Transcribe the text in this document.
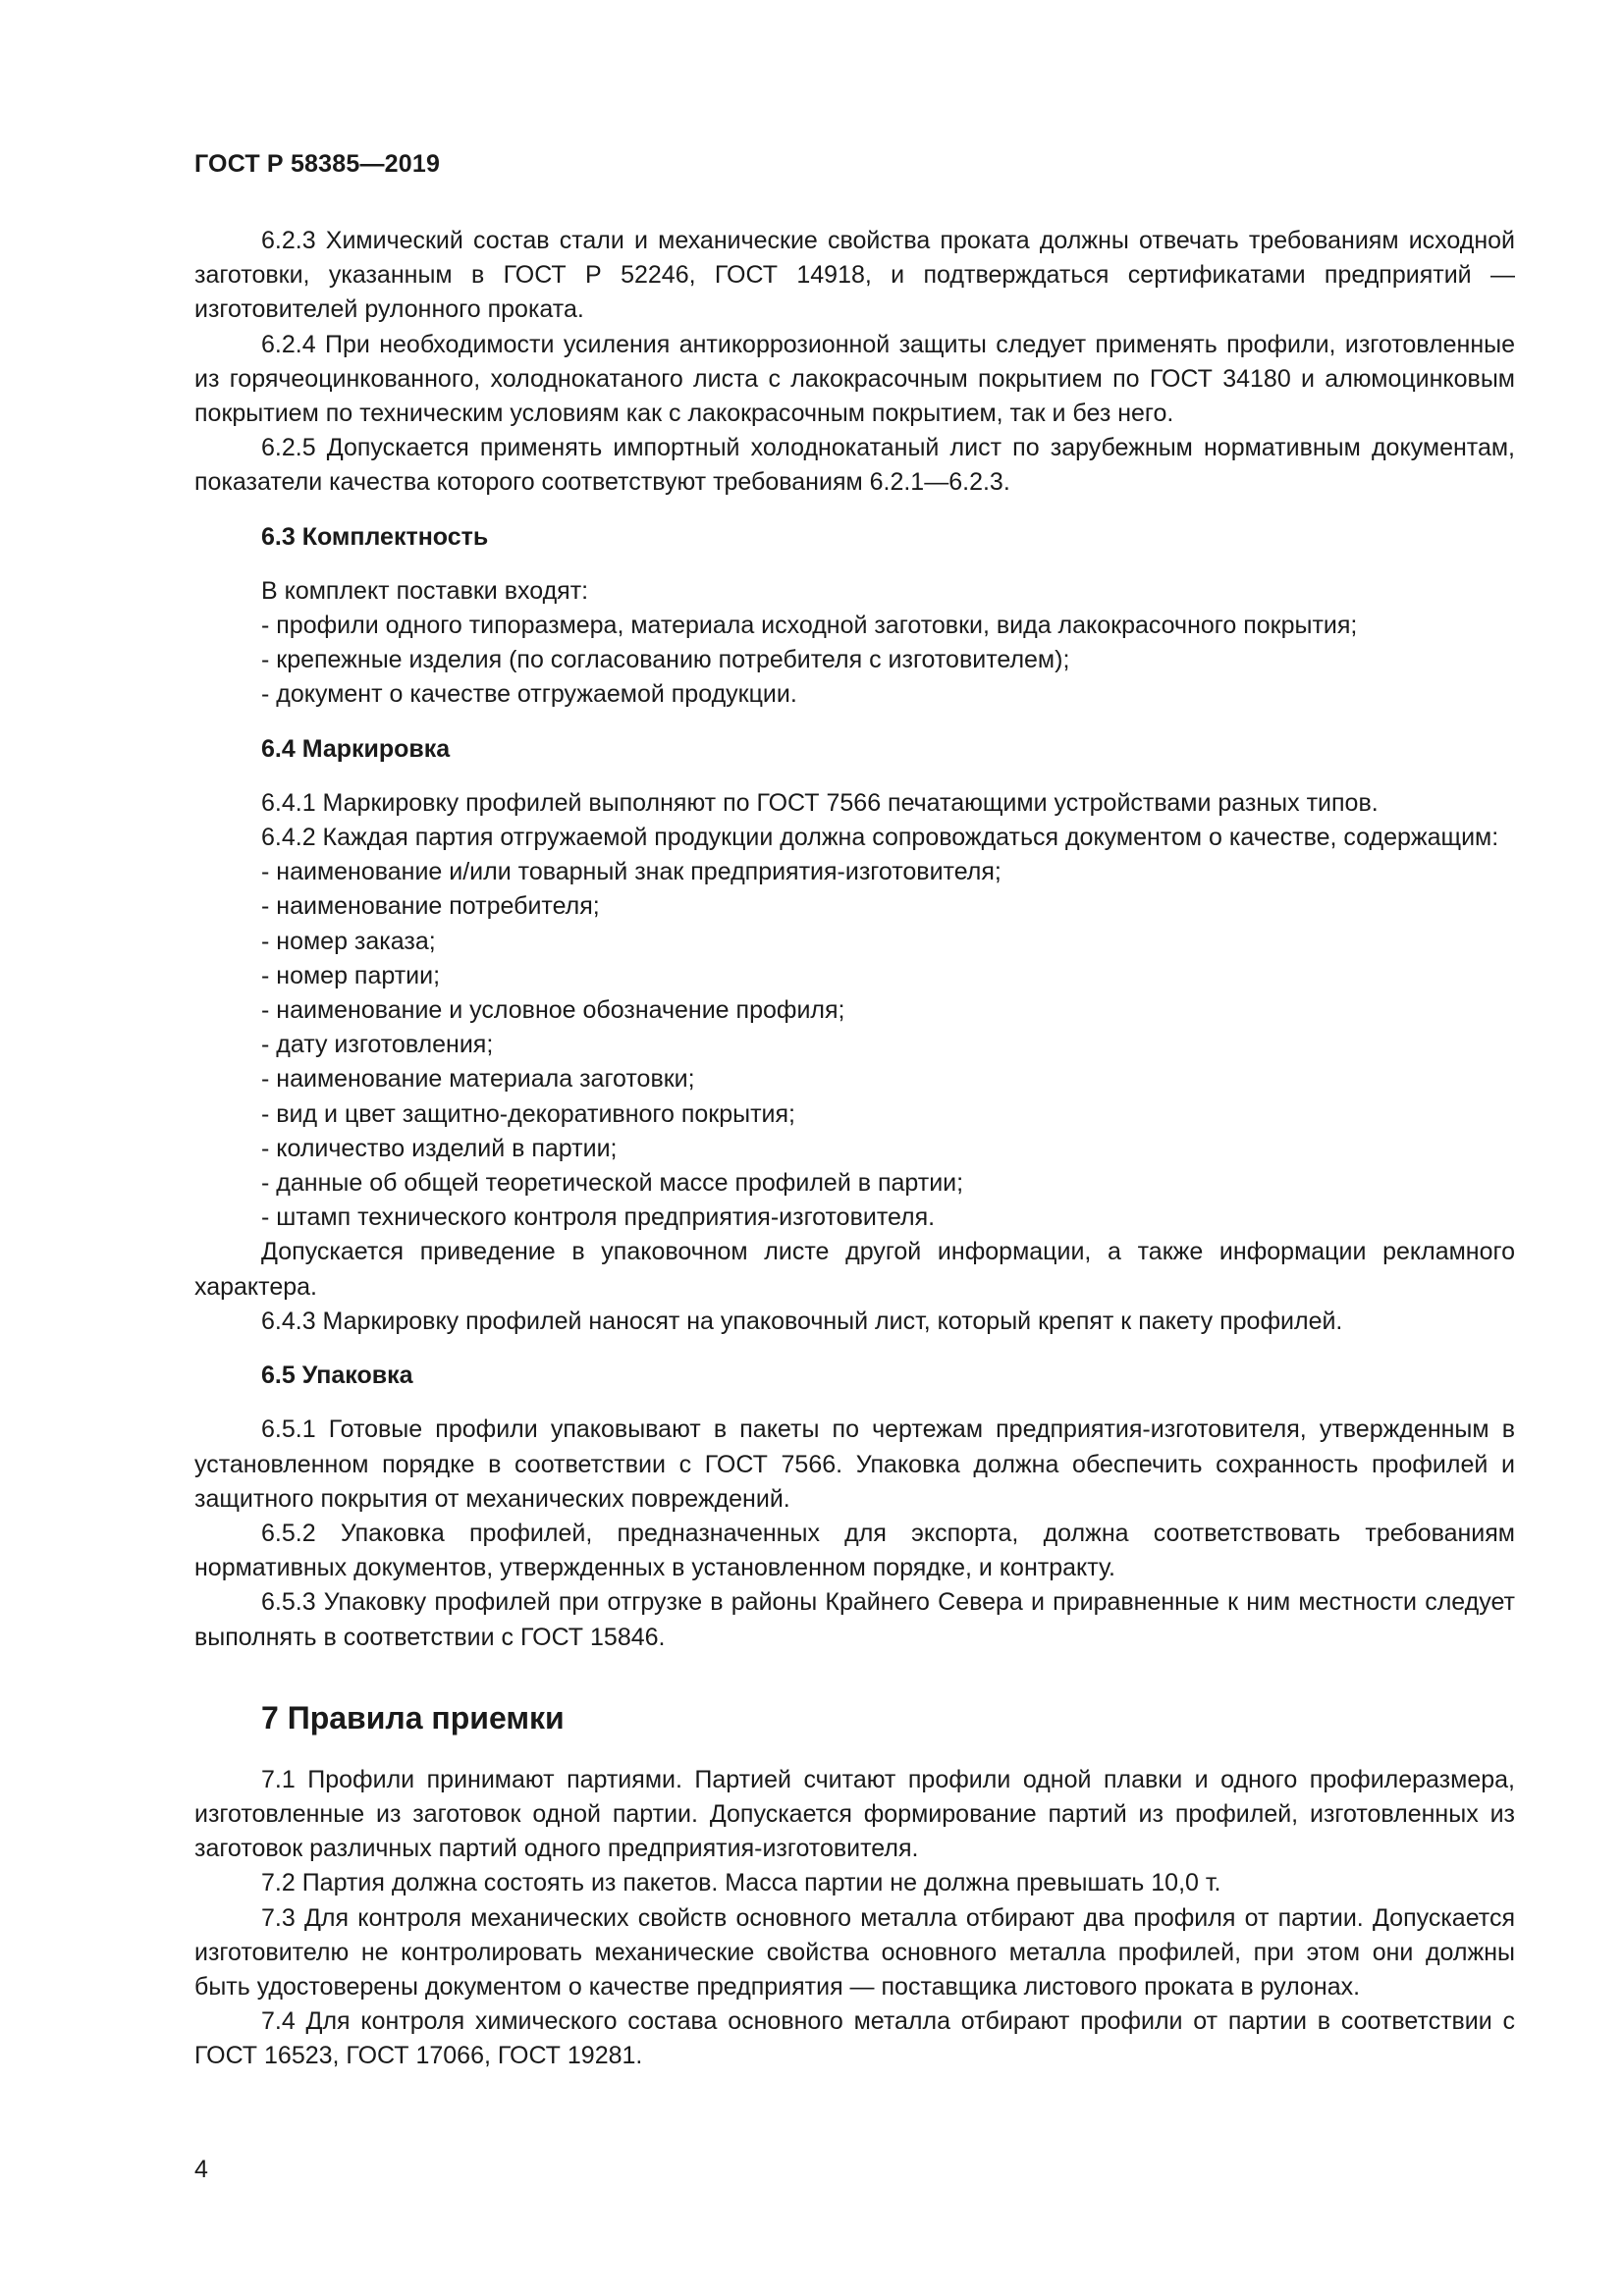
ГОСТ Р 58385—2019

6.2.3 Химический состав стали и механические свойства проката должны отвечать требованиям исходной заготовки, указанным в ГОСТ Р 52246, ГОСТ 14918, и подтверждаться сертификатами предприятий — изготовителей рулонного проката.

6.2.4 При необходимости усиления антикоррозионной защиты следует применять профили, изготовленные из горячеоцинкованного, холоднокатаного листа с лакокрасочным покрытием по ГОСТ 34180 и алюмоцинковым покрытием по техническим условиям как с лакокрасочным покрытием, так и без него.

6.2.5 Допускается применять импортный холоднокатаный лист по зарубежным нормативным документам, показатели качества которого соответствуют требованиям 6.2.1—6.2.3.

6.3 Комплектность

В комплект поставки входят:

- профили одного типоразмера, материала исходной заготовки, вида лакокрасочного покрытия;

- крепежные изделия (по согласованию потребителя с изготовителем);

- документ о качестве отгружаемой продукции.

6.4 Маркировка

6.4.1 Маркировку профилей выполняют по ГОСТ 7566 печатающими устройствами разных типов.

6.4.2 Каждая партия отгружаемой продукции должна сопровождаться документом о качестве, содержащим:

- наименование и/или товарный знак предприятия-изготовителя;

- наименование потребителя;

- номер заказа;

- номер партии;

- наименование и условное обозначение профиля;

- дату изготовления;

- наименование материала заготовки;

- вид и цвет защитно-декоративного покрытия;

- количество изделий в партии;

- данные об общей теоретической массе профилей в партии;

- штамп технического контроля предприятия-изготовителя.

Допускается приведение в упаковочном листе другой информации, а также информации рекламного характера.

6.4.3 Маркировку профилей наносят на упаковочный лист, который крепят к пакету профилей.

6.5 Упаковка

6.5.1 Готовые профили упаковывают в пакеты по чертежам предприятия-изготовителя, утвержденным в установленном порядке в соответствии с ГОСТ 7566. Упаковка должна обеспечить сохранность профилей и защитного покрытия от механических повреждений.

6.5.2 Упаковка профилей, предназначенных для экспорта, должна соответствовать требованиям нормативных документов, утвержденных в установленном порядке, и контракту.

6.5.3 Упаковку профилей при отгрузке в районы Крайнего Севера и приравненные к ним местности следует выполнять в соответствии с ГОСТ 15846.

7 Правила приемки

7.1 Профили принимают партиями. Партией считают профили одной плавки и одного профилеразмера, изготовленные из заготовок одной партии. Допускается формирование партий из профилей, изготовленных из заготовок различных партий одного предприятия-изготовителя.

7.2 Партия должна состоять из пакетов. Масса партии не должна превышать 10,0 т.

7.3 Для контроля механических свойств основного металла отбирают два профиля от партии. Допускается изготовителю не контролировать механические свойства основного металла профилей, при этом они должны быть удостоверены документом о качестве предприятия — поставщика листового проката в рулонах.

7.4 Для контроля химического состава основного металла отбирают профили от партии в соответствии с ГОСТ 16523, ГОСТ 17066, ГОСТ 19281.

4
